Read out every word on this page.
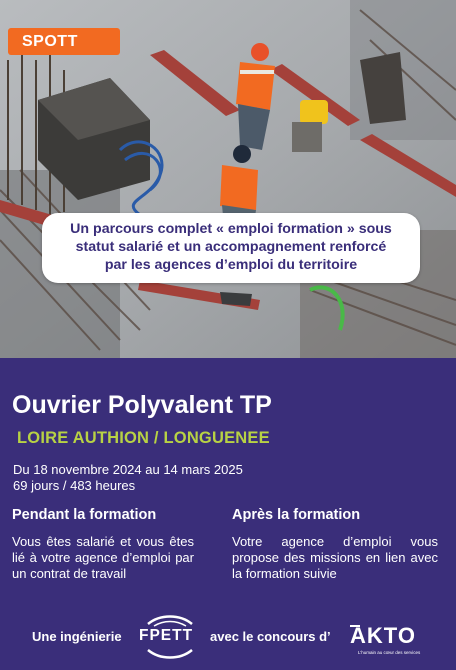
SPOTT
Un parcours complet « emploi formation » sous
statut salarié et un accompagnement renforcé
par les agences d’emploi du territoire
Ouvrier Polyvalent TP
LOIRE AUTHION / LONGUENEE
Du 18 novembre 2024 au 14 mars 2025
69 jours / 483 heures
Pendant la formation
Vous êtes salarié et vous êtes lié à votre agence d’emploi par un contrat de travail
Après la formation
Votre agence d’emploi vous propose des missions en lien avec la formation suivie
Une ingénierie FPETT avec le concours d’ AKTO
L’humain au cœur des services
